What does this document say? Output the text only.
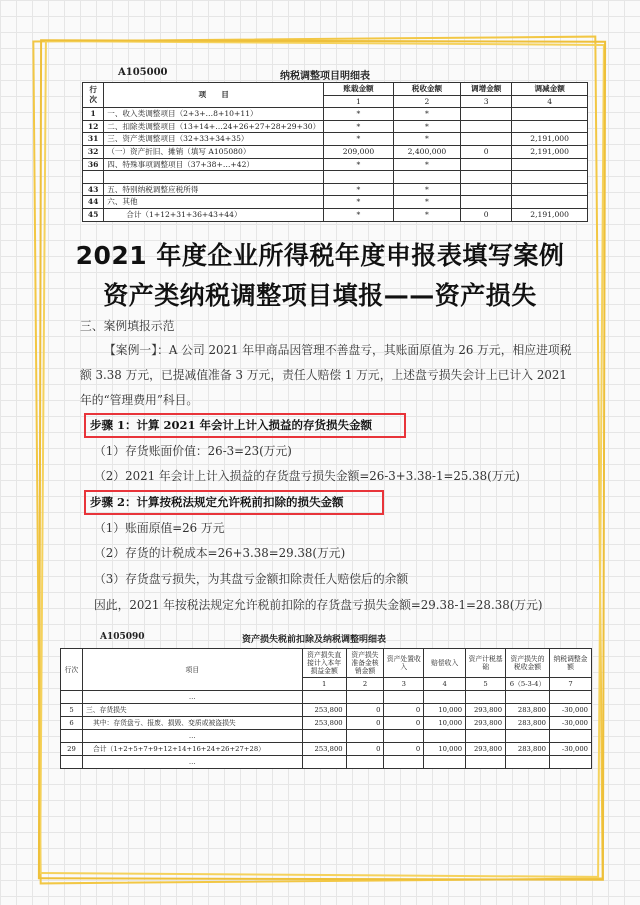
A105000	纳税调整项目明细表
行
次	项　　目	账载金额	税收金额	调增金额	调减金额
		1	2	3	4
1	一、收入类调整项目（2+3+…8+10+11）	*	*		
12	二、扣除类调整项目（13+14+…24+26+27+28+29+30）	*	*		
31	三、资产类调整项目（32+33+34+35）	*	*		2,191,000
32	（一）资产折旧、摊销（填写 A105080）	209,000	2,400,000	0	2,191,000
36	四、特殊事项调整项目（37+38+…+42）	*	*		

43	五、特别纳税调整应税所得	*	*		
44	六、其他	*	*		
45	合计（1+12+31+36+43+44）	*	*	0	2,191,000
2021 年度企业所得税年度申报表填写案例
资产类纳税调整项目填报——资产损失
三、案例填报示范
【案例一】：A 公司 2021 年甲商品因管理不善盘亏，其账面原值为 26 万元，相应进项税额 3.38 万元，已提减值准备 3 万元，责任人赔偿 1 万元，上述盘亏损失会计上已计入 2021 年的“管理费用”科目。
步骤 1：计算 2021 年会计上计入损益的存货损失金额
（1）存货账面价值：26-3=23(万元)
（2）2021 年会计上计入损益的存货盘亏损失金额=26-3+3.38-1=25.38(万元)
步骤 2：计算按税法规定允许税前扣除的损失金额
（1）账面原值=26 万元
（2）存货的计税成本=26+3.38=29.38(万元)
（3）存货盘亏损失，为其盘亏金额扣除责任人赔偿后的余额
因此，2021 年按税法规定允许税前扣除的存货盘亏损失金额=29.38-1=28.38(万元)
A105090	资产损失税前扣除及纳税调整明细表
行次	项目	资产损失直接计入本年损益金额	资产损失准备金核销金额	资产处置收入	赔偿收入	资产计税基础	资产损失的税收金额	纳税调整金额
		1	2	3	4	5	6（5-3-4）	7
	…							
5	三、存货损失	253,800	0	0	10,000	293,800	283,800	-30,000
6	其中：存货盘亏、报废、损毁、变质或被盗损失	253,800	0	0	10,000	293,800	283,800	-30,000
	…							
29	合计（1+2+5+7+9+12+14+16+24+26+27+28）	253,800	0	0	10,000	293,800	283,800	-30,000
	…							
